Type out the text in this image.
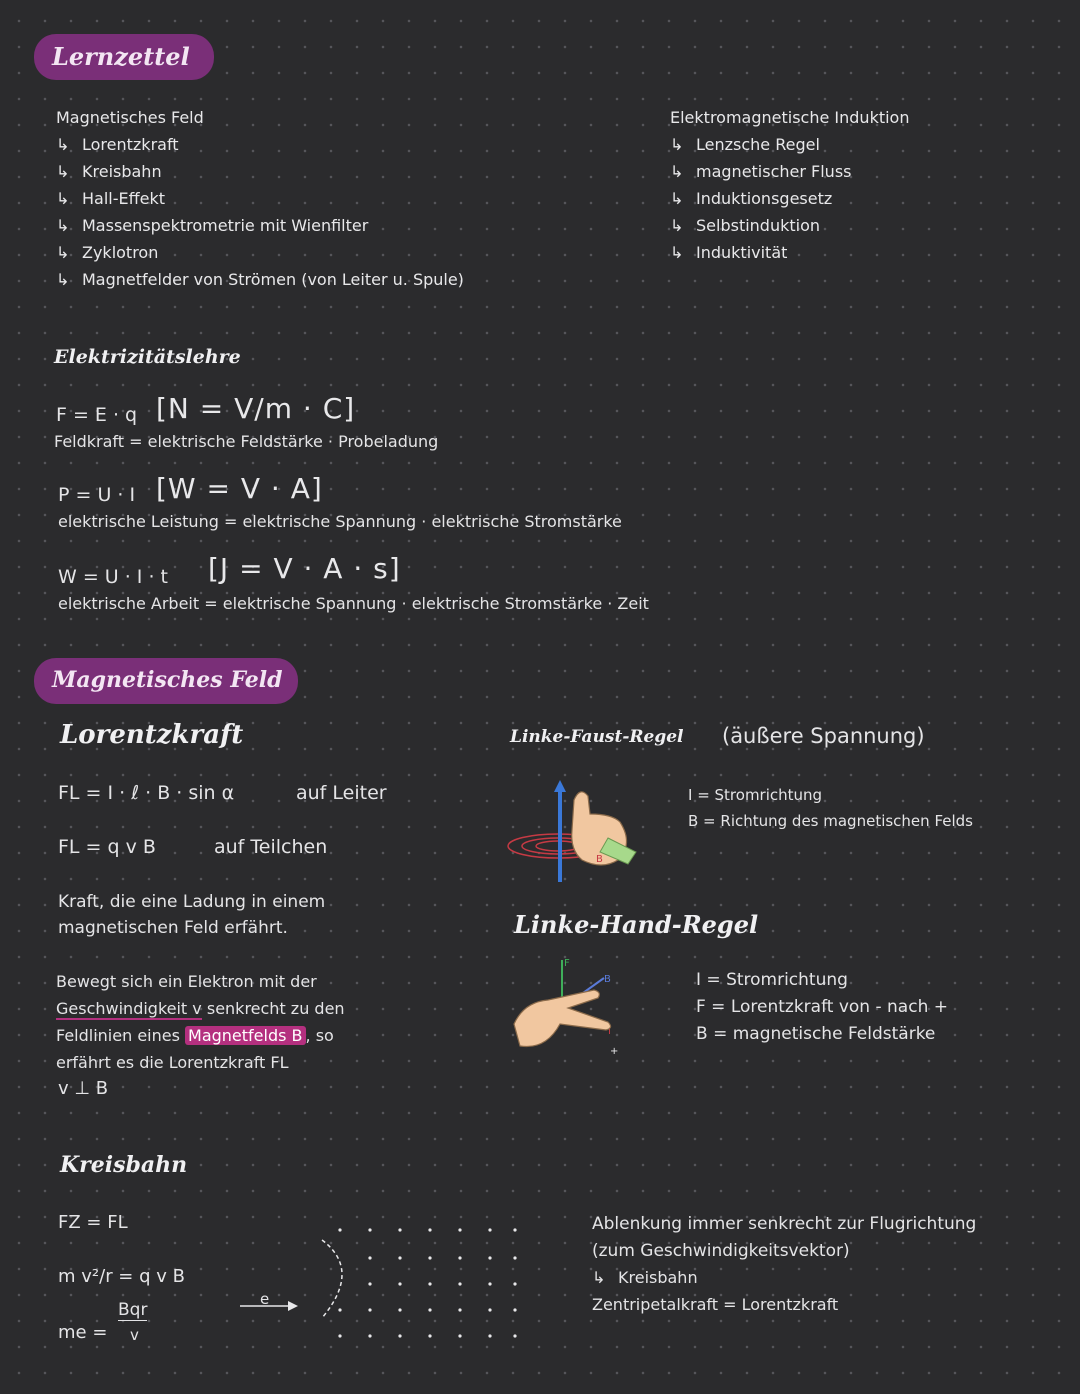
Lernzettel
Magnetisches Feld
↳ Lorentzkraft
↳ Kreisbahn
↳ Hall-Effekt
↳ Massenspektrometrie mit Wienfilter
↳ Zyklotron
↳ Magnetfelder von Strömen (von Leiter u. Spule)
Elektromagnetische Induktion
↳ Lenzsche Regel
↳ magnetischer Fluss
↳ Induktionsgesetz
↳ Selbstinduktion
↳ Induktivität
Elektrizitätslehre
F = E · q [N = V/m · C]
Feldkraft = elektrische Feldstärke · Probeladung
P = U · I [W = V · A]
elektrische Leistung = elektrische Spannung · elektrische Stromstärke
W = U · I · t [J = V · A · s]
elektrische Arbeit = elektrische Spannung · elektrische Stromstärke · Zeit
Magnetisches Feld
Lorentzkraft
FL = I · ℓ · B · sin α	auf Leiter
FL = q v B	auf Teilchen
Kraft, die eine Ladung in einem
magnetischen Feld erfährt.
Bewegt sich ein Elektron mit der
Geschwindigkeit v senkrecht zu den
Feldlinien eines Magnetfelds B , so
erfährt es die Lorentzkraft FL
v ⊥ B
Linke-Faust-Regel (äußere Spannung)
B
I = Stromrichtung
B = Richtung des magnetischen Felds
Linke-Hand-Regel
F
B
I
+
I = Stromrichtung
F = Lorentzkraft von - nach +
B = magnetische Feldstärke
Kreisbahn
FZ = FL
m v²/r = q v B
me =
Bqr
v
e
Ablenkung immer senkrecht zur Flugrichtung
(zum Geschwindigkeitsvektor)
↳ Kreisbahn
Zentripetalkraft = Lorentzkraft
